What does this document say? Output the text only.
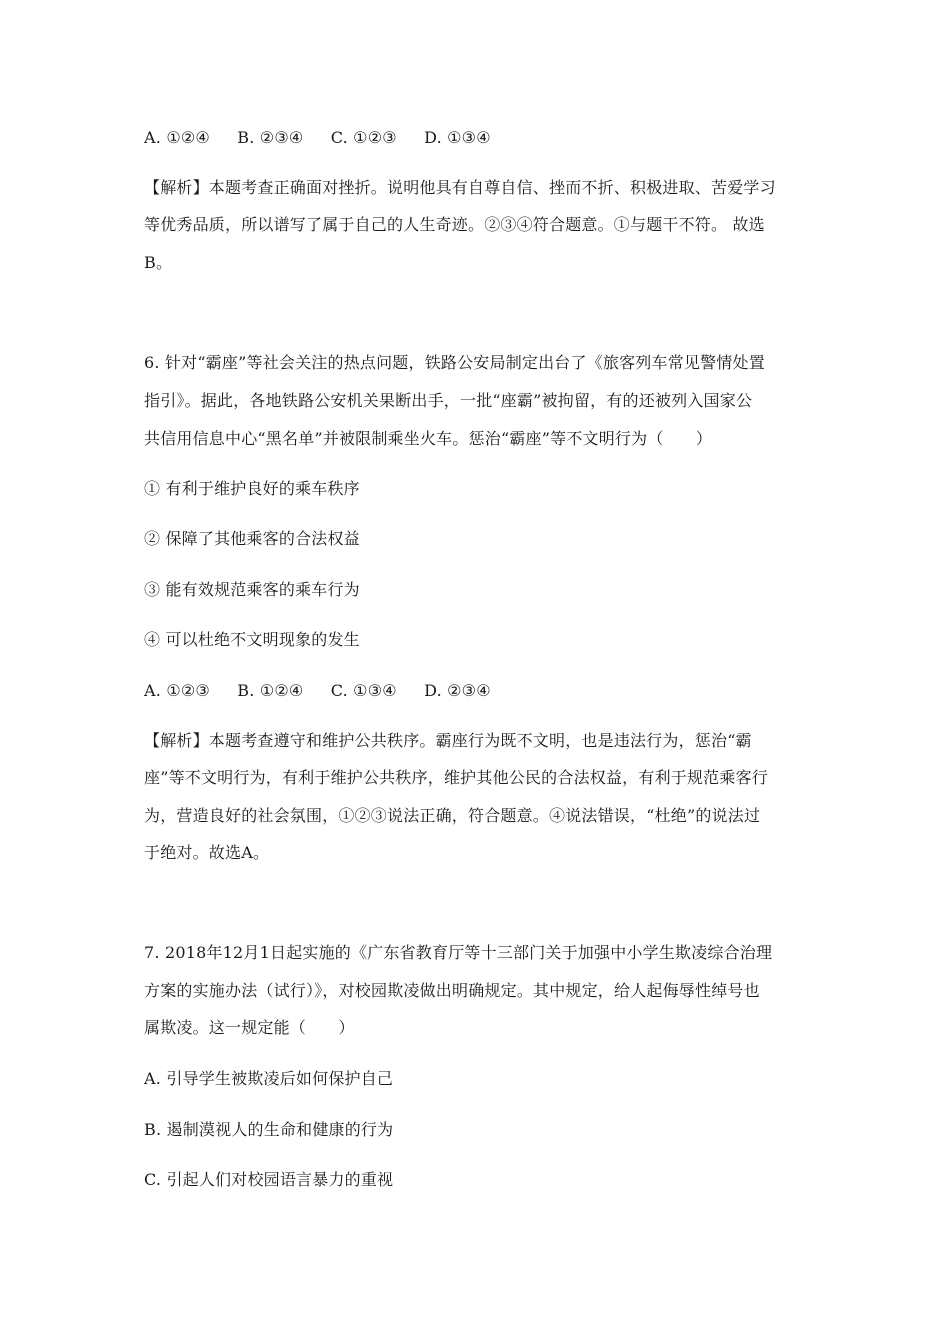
A. ①②④ B. ②③④ C. ①②③ D. ①③④
【解析】本题考查正确面对挫折。说明他具有自尊自信、挫而不折、积极进取、苦爱学习
等优秀品质，所以谱写了属于自己的人生奇迹。②③④符合题意。①与题干不符。 故选
B。
6. 针对“霸座”等社会关注的热点问题，铁路公安局制定出台了《旅客列车常见警情处置
指引》。据此，各地铁路公安机关果断出手，一批“座霸”被拘留，有的还被列入国家公
共信用信息中心“黑名单”并被限制乘坐火车。惩治“霸座”等不文明行为（　　）
① 有利于维护良好的乘车秩序
② 保障了其他乘客的合法权益
③ 能有效规范乘客的乘车行为
④ 可以杜绝不文明现象的发生
A. ①②③ B. ①②④ C. ①③④ D. ②③④
【解析】本题考查遵守和维护公共秩序。霸座行为既不文明，也是违法行为，惩治“霸
座”等不文明行为，有利于维护公共秩序，维护其他公民的合法权益，有利于规范乘客行
为，营造良好的社会氛围，①②③说法正确，符合题意。④说法错误，“杜绝”的说法过
于绝对。故选A。
7. 2018年12月1日起实施的《广东省教育厅等十三部门关于加强中小学生欺凌综合治理
方案的实施办法（试行）》，对校园欺凌做出明确规定。其中规定，给人起侮辱性绰号也
属欺凌。这一规定能（　　）
A. 引导学生被欺凌后如何保护自己
B. 遏制漠视人的生命和健康的行为
C. 引起人们对校园语言暴力的重视
